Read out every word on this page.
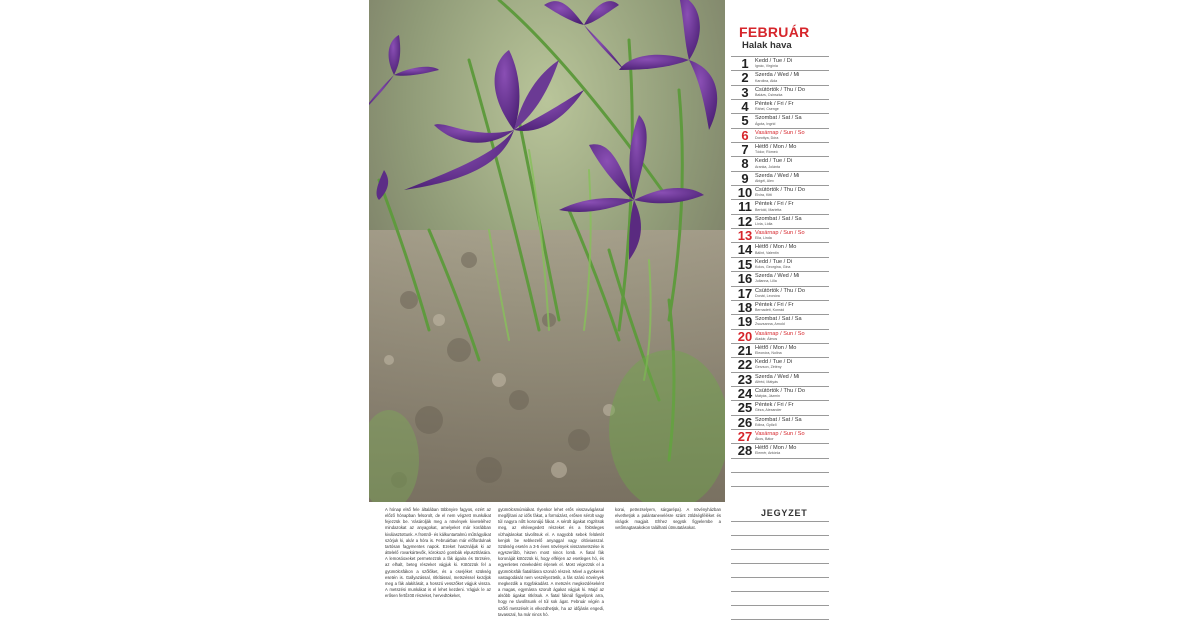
A hónap első fele általában többnyire fagyos, ezért az előző hónapban felsorolt, de el nem végzett munkákat fejezzük be. Vásárolják meg a növények kiveteléhez mindazokat az anyagokat, amelyeket már korábban kiválasztottunk. A frostról- és kálkuntartalmú műtrágyákat szórjuk ki, akár a hóra is. Februárban már előfordulnak tartósan fagymentes napok. Ezeket használjuk ki az áttelelő rovarkártevők, kórokozó gombák elpusztítására. A lemosóoxeket permetezzük a fák ágaira és törzsére, az elhalt, beteg részeket vágjuk ki. Kötözzük fel a gyümölcsfákon a szőlőket, és a cserjéket szükség esetén is. Gallyazással, ritkítással, metszéssel kezdjük meg a fák alakítását, a hosszú vesszőket vágjuk vissza. A metszési munkákat is el lehet kezdeni. Vágjuk le az erősen fertőzött részeket, hervedtökeket,
gyümölcsmúmiákat. Ilyenkor lehet erős visszavágással megifjítani az idős fákat, a formázást, erősen sérült vagy túl nagyra nőtt koronájú fákat. A sérült ágakat rögzítsük meg, az eltévegedett részeket és a fölösleges vízhajtásokat távolítsuk el. A nagyobb sebek felületét kenjük be sebkezelő anyaggal vagy oltóviasszal. Szükség esetén a 3-5 éves növények visszametszése is egyszerűbb, hiszen most nincs lomb. A fiatal fák koronáját kötözzük ki, hogy elférjen az esetleges hó, és egyenletes növekedést érjenek el. Most végezzük el a gyümölcsfák fiatalításra szoruló részeit. Mivel a gyökerek vastagodását nem veszélyeztetik, a fás szárú növények megkezdik a rügyfakadást. A metszés megkezdéseként a magas, egymásra szorult ágakat vágjuk ki. Majd az alsóbb ágakat ritkítsuk. A fiatal fáknál figyeljünk arra, hogy ne távolítsunk el túl sok ágat. Február végén a szőlő metszését is elkezdhetjük, ha az időjárás engedi, tavasszal, ha már nincs hó.
korai, petrezselyem, sárgarépa). A növényházban elvethetjük a palántanevelésre szánt zöldségféléket és virágok magjait. Ehhez segyük figyelembe a vetőmagtasakokon található útmutatásokat.
FEBRUÁR
Halak hava
1	Kedd / Tue / Di
Ignác, Virgínia
2	Szerda / Wed / Mi
Karolina, Aida
3	Csütörtök / Thu / Do
Balázs, Csinszka
4	Péntek / Fri / Fr
Ráhel, Csenge
5	Szombat / Sat / Sa
Ágota, Ingrid
6	Vasárnap / Sun / So
Dorottya, Dóra
7	Hétfő / Mon / Mo
Tódor, Rómeó
8	Kedd / Tue / Di
Aranka, Jolánta
9	Szerda / Wed / Mi
Abigél, Alex
10 Csütörtök / Thu / Do
Elvira, Kitti
11 Péntek / Fri / Fr
Bertold, Marietta
12 Szombat / Sat / Sa
Lívia, Lídia
13 Vasárnap / Sun / So
Ella, Linda
14 Hétfő / Mon / Mo
Bálint, Valentin
15 Kedd / Tue / Di
Kolos, Georgina, Gina
16 Szerda / Wed / Mi
Julianna, Lilla
17 Csütörtök / Thu / Do
Donát, Leonóra
18 Péntek / Fri / Fr
Bernadett, Konrád
19 Szombat / Sat / Sa
Zsuzsanna, Arnold
20 Vasárnap / Sun / So
Aladár, Álmos
21 Hétfő / Mon / Mo
Eleonóra, Nolina
22 Kedd / Tue / Di
Gerzson, Zétény
23 Szerda / Wed / Mi
Alfréd, Mátyás
24 Csütörtök / Thu / Do
Mátyás, Jázmin
25 Péntek / Fri / Fr
Géza, Alexander
26 Szombat / Sat / Sa
Edina, Győző
27 Vasárnap / Sun / So
Ákos, Bátor
28 Hétfő / Mon / Mo
Elemér, Antónia
JEGYZET
